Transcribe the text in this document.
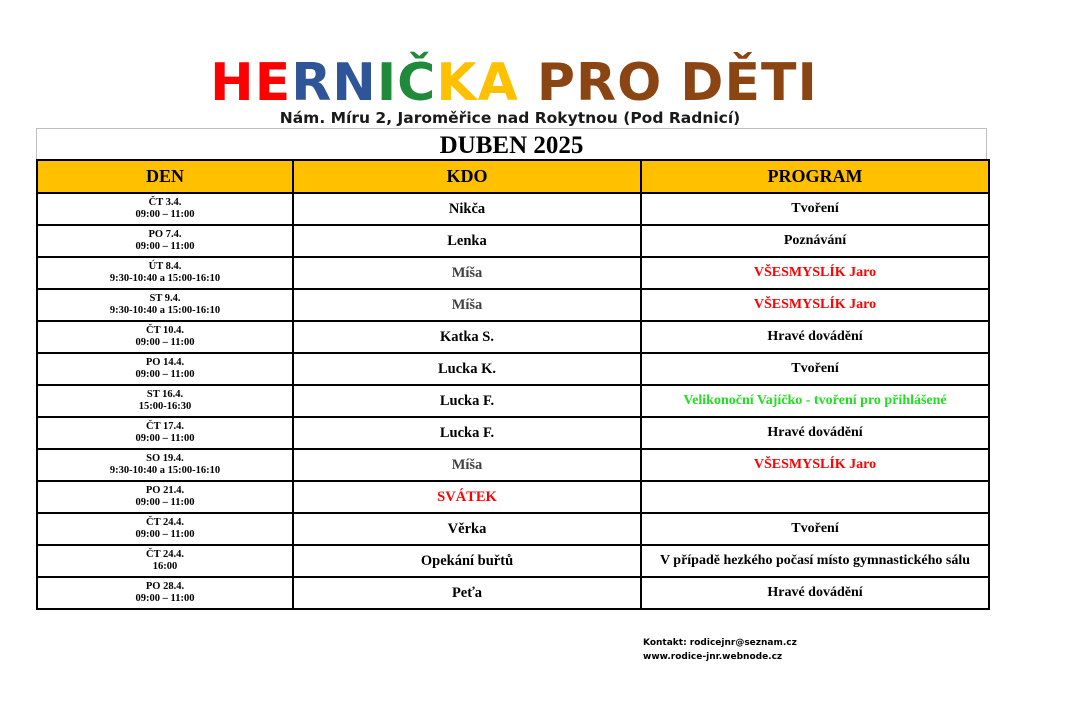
HERNIČKA PRO DĚTI
Nám. Míru 2, Jaroměřice nad Rokytnou (Pod Radnicí)
DUBEN 2025
DEN	KDO	PROGRAM

ČT 3.4.
09:00 – 11:00	Nikča	Tvoření

PO 7.4.
09:00 – 11:00	Lenka	Poznávání

ÚT 8.4.
9:30-10:40 a 15:00-16:10	Míša	VŠESMYSLÍK Jaro

ST 9.4.
9:30-10:40 a 15:00-16:10	Míša	VŠESMYSLÍK Jaro

ČT 10.4.
09:00 – 11:00	Katka S.	Hravé dovádění

PO 14.4.
09:00 – 11:00	Lucka K.	Tvoření

ST 16.4.
15:00-16:30	Lucka F.	Velikonoční Vajíčko - tvoření pro přihlášené

ČT 17.4.
09:00 – 11:00	Lucka F.	Hravé dovádění

SO 19.4.
9:30-10:40 a 15:00-16:10	Míša	VŠESMYSLÍK Jaro

PO 21.4.
09:00 – 11:00	SVÁTEK	

ČT 24.4.
09:00 – 11:00	Věrka	Tvoření

ČT 24.4.
16:00	Opekání buřtů	V případě hezkého počasí místo gymnastického sálu

PO 28.4.
09:00 – 11:00	Peťa	Hravé dovádění
Kontakt: rodicejnr@seznam.cz
www.rodice-jnr.webnode.cz
